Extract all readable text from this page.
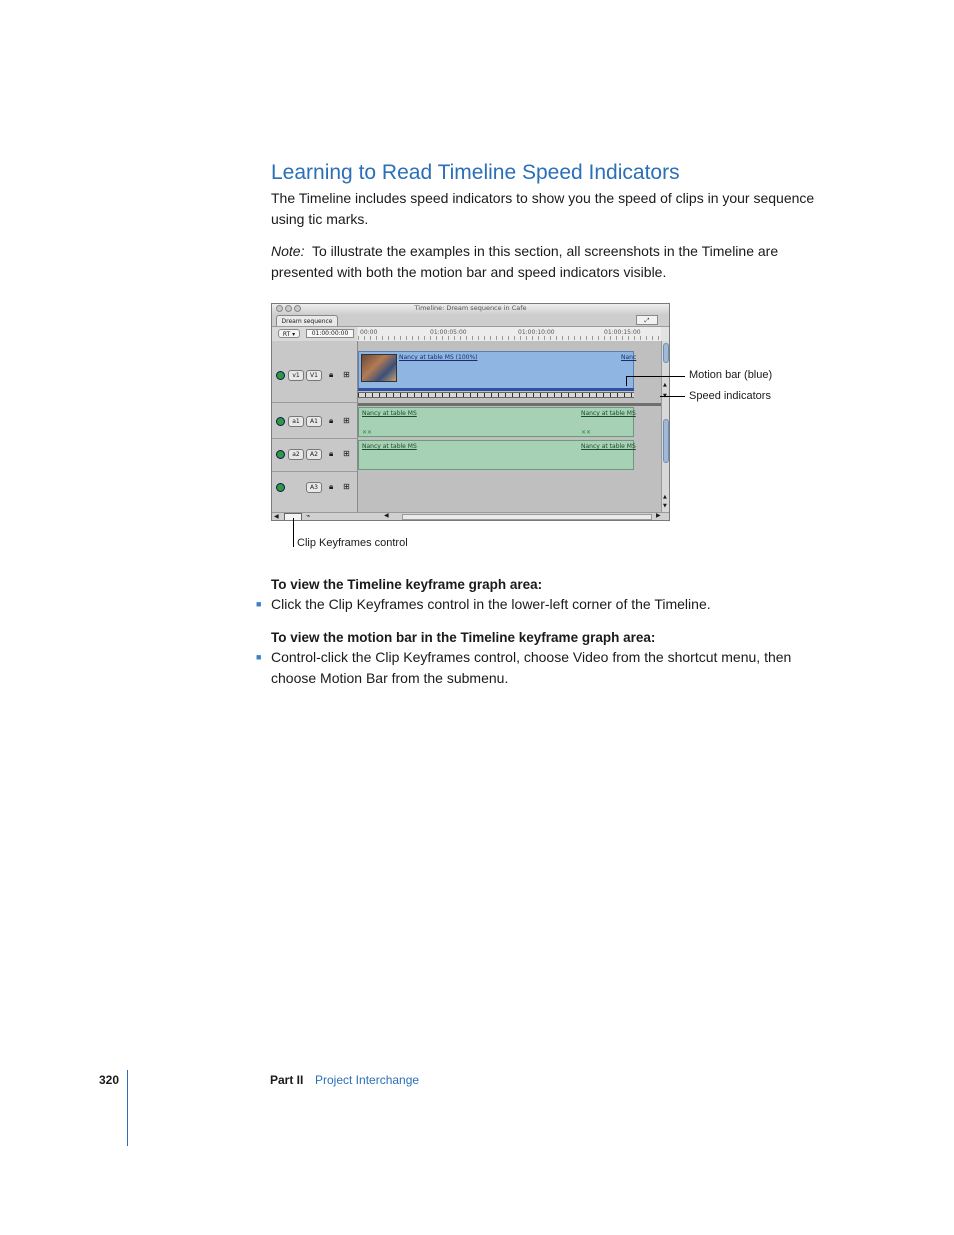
Learning to Read Timeline Speed Indicators
The Timeline includes speed indicators to show you the speed of clips in your sequence using tic marks.
Note: To illustrate the examples in this section, all screenshots in the Timeline are presented with both the motion bar and speed indicators visible.
Timeline: Dream sequence in Cafe
Dream sequence	⤢
RT ▾	01:00:00:00	00:00	01:00:05:00	01:00:10:00	01:00:15:00
v1	V1	🔒︎ ⊞
a1	A1	🔒︎ ⊞
a2	A2	🔒︎ ⊞
A3	🔒︎ ⊞
Nancy at table MS (100%)	Nanc
Nancy at table MS	Nancy at table MS
✕✕	✕✕
Nancy at table MS	Nancy at table MS
▲
▲
▼
◀	⌁	◀	▶
Motion bar (blue)
Speed indicators
Clip Keyframes control
To view the Timeline keyframe graph area:
■ Click the Clip Keyframes control in the lower-left corner of the Timeline.
To view the motion bar in the Timeline keyframe graph area:
■ Control-click the Clip Keyframes control, choose Video from the shortcut menu, then choose Motion Bar from the submenu.
320	Part II Project Interchange
